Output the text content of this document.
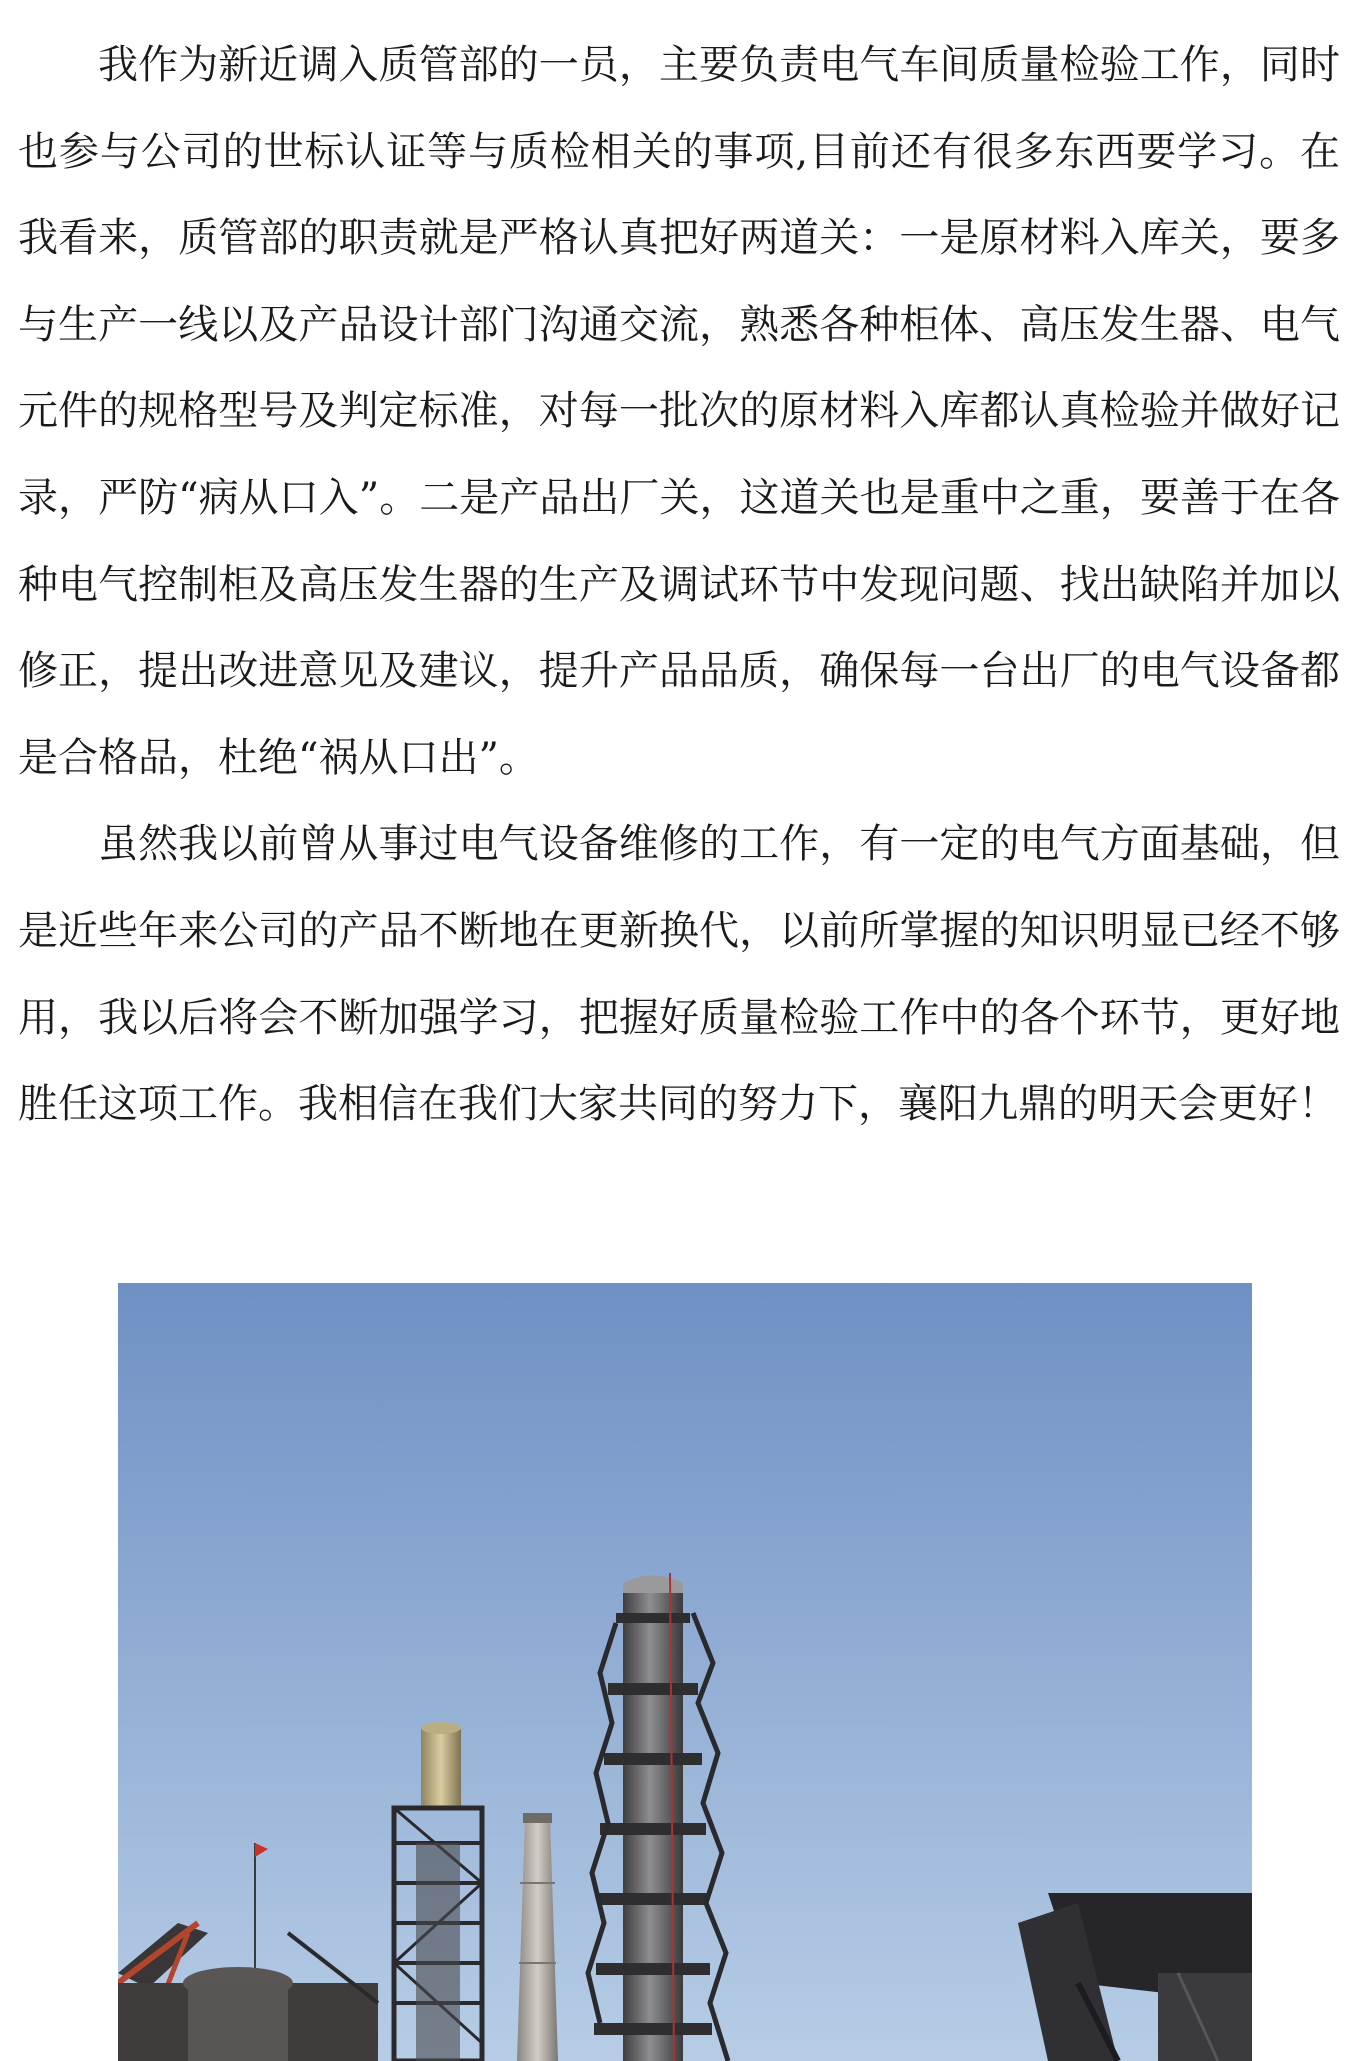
我作为新近调入质管部的一员，主要负责电气车间质量检验工作，同时也参与公司的世标认证等与质检相关的事项,目前还有很多东西要学习。在我看来，质管部的职责就是严格认真把好两道关：一是原材料入库关，要多与生产一线以及产品设计部门沟通交流，熟悉各种柜体、高压发生器、电气元件的规格型号及判定标准，对每一批次的原材料入库都认真检验并做好记录，严防“病从口入”。二是产品出厂关，这道关也是重中之重，要善于在各种电气控制柜及高压发生器的生产及调试环节中发现问题、找出缺陷并加以修正，提出改进意见及建议，提升产品品质，确保每一台出厂的电气设备都是合格品，杜绝“祸从口出”。

虽然我以前曾从事过电气设备维修的工作，有一定的电气方面基础，但是近些年来公司的产品不断地在更新换代，以前所掌握的知识明显已经不够用，我以后将会不断加强学习，把握好质量检验工作中的各个环节，更好地胜任这项工作。我相信在我们大家共同的努力下，襄阳九鼎的明天会更好！
